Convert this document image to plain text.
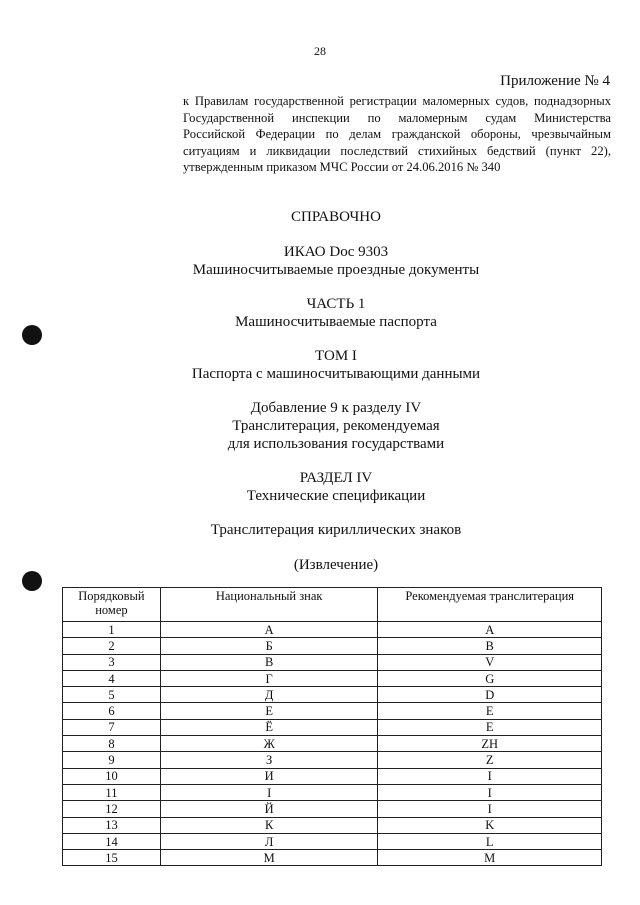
28
Приложение № 4
к Правилам государственной регистрации маломерных судов, поднадзорных
Государственной инспекции по маломерным судам Министерства
Российской Федерации по делам гражданской обороны, чрезвычайным
ситуациям и ликвидации последствий стихийных бедствий (пункт 22),
утвержденным приказом МЧС России от 24.06.2016 № 340
СПРАВОЧНО
ИКАО Doc 9303
Машиносчитываемые проездные документы
ЧАСТЬ 1
Машиносчитываемые паспорта
ТОМ I
Паспорта с машиносчитывающими данными
Добавление 9 к разделу IV
Транслитерация, рекомендуемая
для использования государствами
РАЗДЕЛ IV
Технические спецификации
Транслитерация кириллических знаков
(Извлечение)
Порядковый номер	Национальный знак	Рекомендуемая транслитерация
1	А	A
2	Б	B
3	В	V
4	Г	G
5	Д	D
6	Е	E
7	Ё	E
8	Ж	ZH
9	З	Z
10	И	I
11	І	I
12	Й	I
13	К	K
14	Л	L
15	М	M
